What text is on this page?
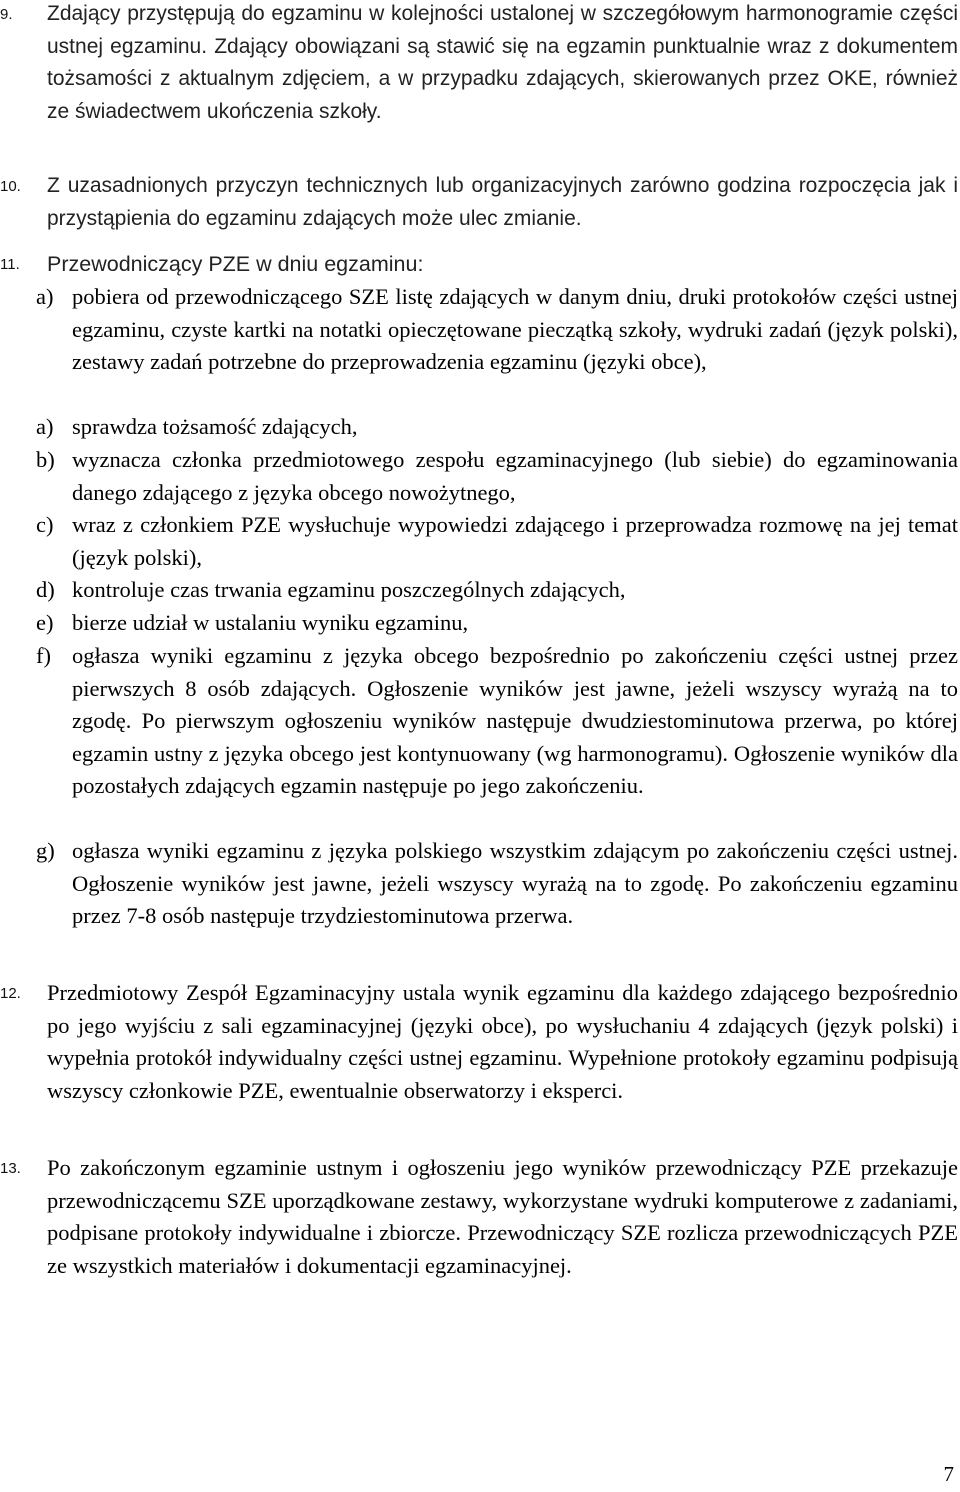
9. Zdający przystępują do egzaminu w kolejności ustalonej w szczegółowym harmonogramie części ustnej egzaminu. Zdający obowiązani są stawić się na egzamin punktualnie wraz z dokumentem tożsamości z aktualnym zdjęciem, a w przypadku zdających, skierowanych przez OKE, również ze świadectwem ukończenia szkoły.
10. Z uzasadnionych przyczyn technicznych lub organizacyjnych zarówno godzina rozpoczęcia jak i przystąpienia do egzaminu zdających może ulec zmianie.
11. Przewodniczący PZE w dniu egzaminu:
a) pobiera od przewodniczącego SZE listę zdających w danym dniu, druki protokołów części ustnej egzaminu, czyste kartki na notatki opieczętowane pieczątką szkoły, wydruki zadań (język polski), zestawy zadań potrzebne do przeprowadzenia egzaminu (języki obce),
a) sprawdza tożsamość zdających,
b) wyznacza członka przedmiotowego zespołu egzaminacyjnego (lub siebie) do egzaminowania danego zdającego z języka obcego nowożytnego,
c) wraz z członkiem PZE wysłuchuje wypowiedzi zdającego i przeprowadza rozmowę na jej temat (język polski),
d) kontroluje czas trwania egzaminu poszczególnych zdających,
e) bierze udział w ustalaniu wyniku egzaminu,
f) ogłasza wyniki egzaminu z języka obcego bezpośrednio po zakończeniu części ustnej przez pierwszych 8 osób zdających. Ogłoszenie wyników jest jawne, jeżeli wszyscy wyrażą na to zgodę. Po pierwszym ogłoszeniu wyników następuje dwudziestominutowa przerwa, po której egzamin ustny z języka obcego jest kontynuowany (wg harmonogramu). Ogłoszenie wyników dla pozostałych zdających egzamin następuje po jego zakończeniu.
g) ogłasza wyniki egzaminu z języka polskiego wszystkim zdającym po zakończeniu części ustnej. Ogłoszenie wyników jest jawne, jeżeli wszyscy wyrażą na to zgodę. Po zakończeniu egzaminu przez 7-8 osób następuje trzydziestominutowa przerwa.
12. Przedmiotowy Zespół Egzaminacyjny ustala wynik egzaminu dla każdego zdającego bezpośrednio po jego wyjściu z sali egzaminacyjnej (języki obce), po wysłuchaniu 4 zdających (język polski) i wypełnia protokół indywidualny części ustnej egzaminu. Wypełnione protokoły egzaminu podpisują wszyscy członkowie PZE, ewentualnie obserwatorzy i eksperci.
13. Po zakończonym egzaminie ustnym i ogłoszeniu jego wyników przewodniczący PZE przekazuje przewodniczącemu SZE uporządkowane zestawy, wykorzystane wydruki komputerowe z zadaniami, podpisane protokoły indywidualne i zbiorcze. Przewodniczący SZE rozlicza przewodniczących PZE ze wszystkich materiałów i dokumentacji egzaminacyjnej.
7
